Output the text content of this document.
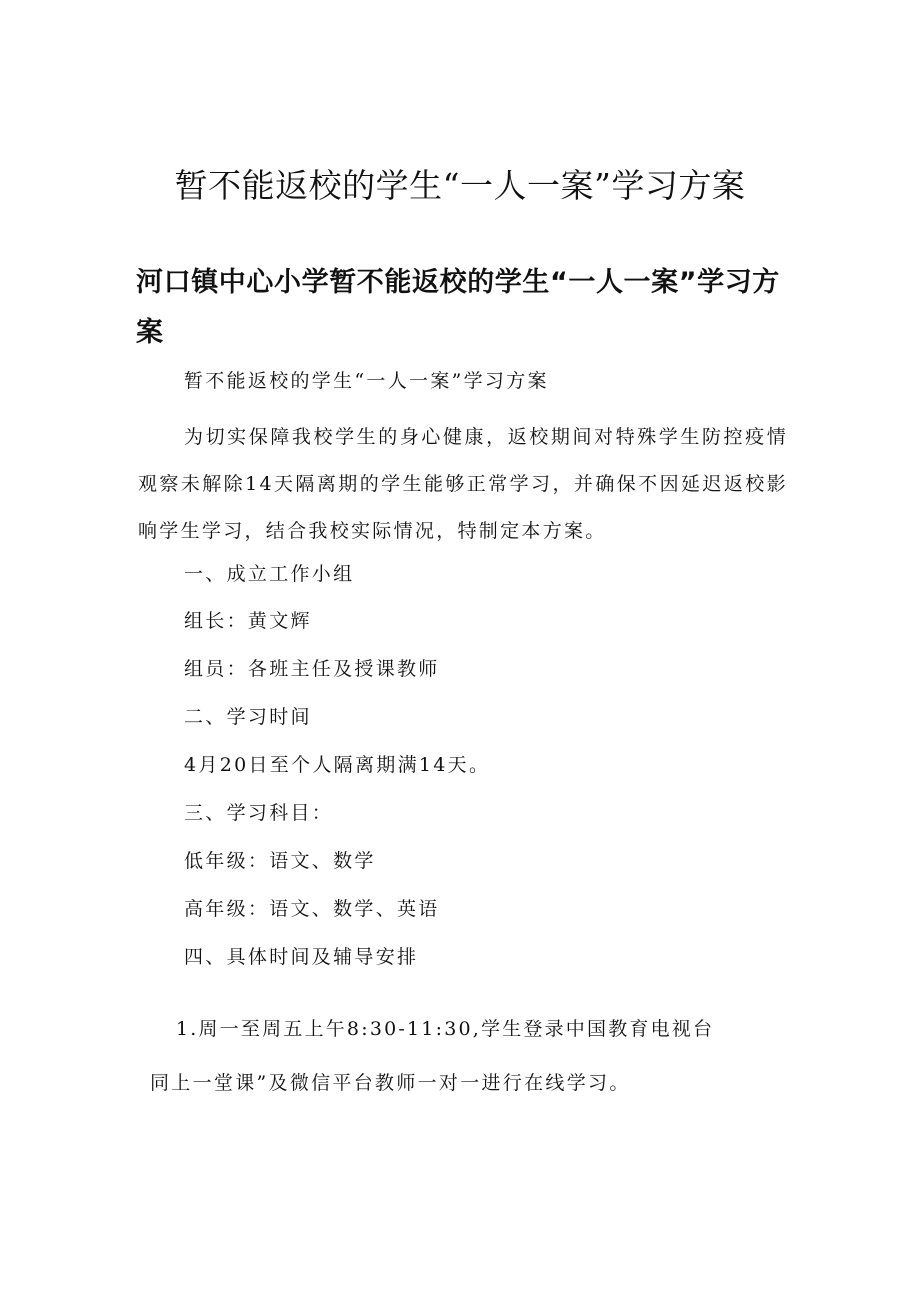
暂不能返校的学生“一人一案”学习方案
河口镇中心小学暂不能返校的学生“一人一案”学习方案
暂不能返校的学生“一人一案”学习方案
为切实保障我校学生的身心健康，返校期间对特殊学生防控疫情观察未解除14天隔离期的学生能够正常学习，并确保不因延迟返校影响学生学习，结合我校实际情况，特制定本方案。
一、成立工作小组
组长：黄文辉
组员：各班主任及授课教师
二、学习时间
4月20日至个人隔离期满14天。
三、学习科目：
低年级：语文、数学
高年级：语文、数学、英语
四、具体时间及辅导安排
1.周一至周五上午8:30-11:30,学生登录中国教育电视台
同上一堂课”及微信平台教师一对一进行在线学习。
